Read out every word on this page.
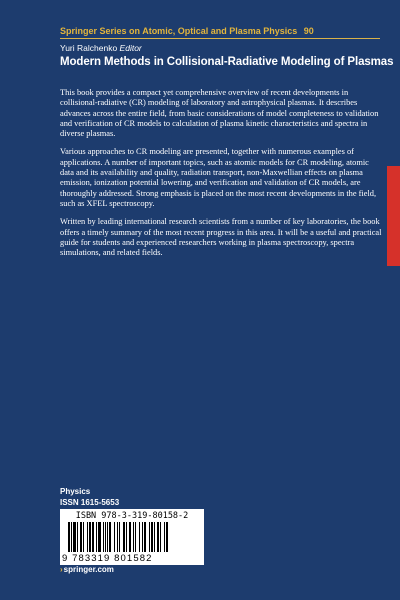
Springer Series on Atomic, Optical and Plasma Physics 90
Yuri Ralchenko Editor
Modern Methods in Collisional-Radiative Modeling of Plasmas

This book provides a compact yet comprehensive overview of recent developments in collisional-radiative (CR) modeling of laboratory and astrophysical plasmas. It describes advances across the entire field, from basic considerations of model completeness to validation and verification of CR models to calculation of plasma kinetic characteristics and spectra in diverse plasmas.

Various approaches to CR modeling are presented, together with numerous examples of applications. A number of important topics, such as atomic models for CR modeling, atomic data and its availability and quality, radiation transport, non-Maxwellian effects on plasma emission, ionization potential lowering, and verification and validation of CR models, are thoroughly addressed. Strong emphasis is placed on the most recent developments in the field, such as XFEL spectroscopy.

Written by leading international research scientists from a number of key laboratories, the book offers a timely summary of the most recent progress in this area. It will be a useful and practical guide for students and experienced researchers working in plasma spectroscopy, spectra simulations, and related fields.

Physics
ISSN 1615-5653
ISBN 978-3-319-80158-2
9 783319 801582
›springer.com
